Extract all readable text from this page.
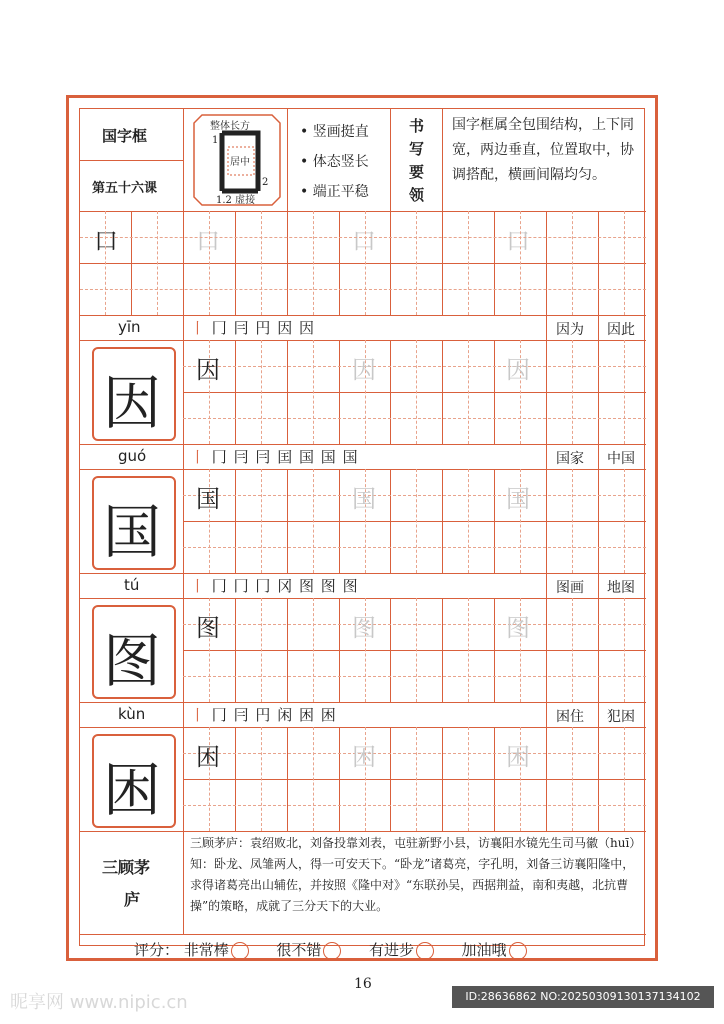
国字框
第五十六课
整体长方
居中
1.2 虚接
1
2
• 竖画挺直
• 体态竖长
• 端正平稳
书
写
要
领
国字框属全包围结构，上下同宽，两边垂直，位置取中，协调搭配，横画间隔均匀。
口	口	口	口
yīn	丨 冂 冃 円 因 因	因为 因此
因 因	因	因
guó	丨 冂 冃 冃 囯 国 国 国	国家 中国
国 国	国	国
tú	丨 冂 冂 冂 冈 图 图 图	图画 地图
图 图	图	图
kùn	丨 冂 冃 円 闲 困 困	困住 犯困
困 困	困	困
三顾茅
庐
三顾茅庐：袁绍败北，刘备投靠刘表，屯驻新野小县，访襄阳水镜先生司马徽（huī）知：卧龙、凤雏两人，得一可安天下。“卧龙”诸葛亮，字孔明，刘备三访襄阳隆中，求得诸葛亮出山辅佐，并按照《隆中对》“东联孙吴，西据荆益，南和夷越，北抗曹操”的策略，成就了三分天下的大业。
评分： 非常棒	很不错	有进步	加油哦
16
昵享网 www.nipic.cn	ID:28636862 NO:20250309130137134102
